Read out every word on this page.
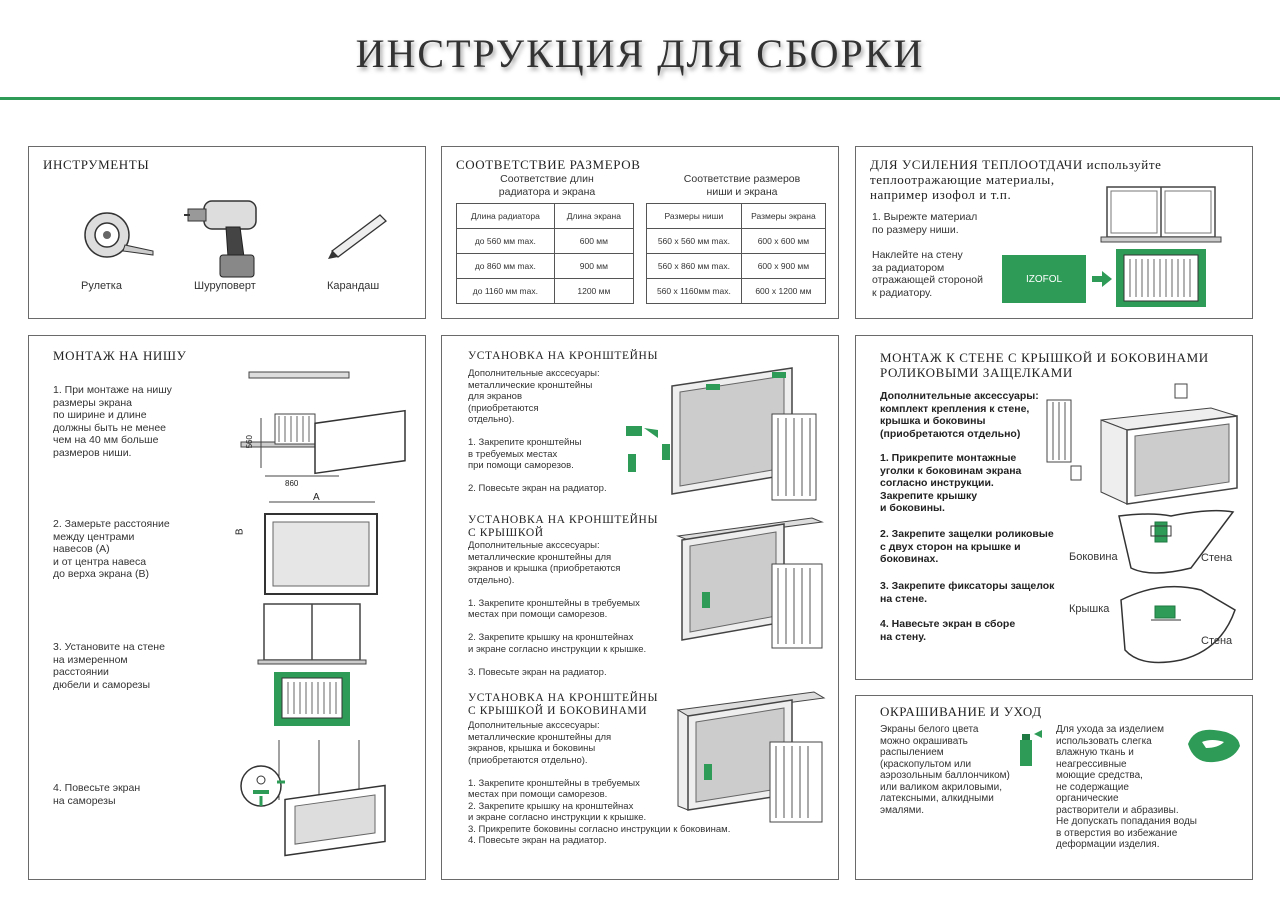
ИНСТРУКЦИЯ ДЛЯ СБОРКИ
ИНСТРУМЕНТЫ
Рулетка	Шуруповерт	Карандаш
СООТВЕТСТВИЕ РАЗМЕРОВ
Соответствие длин
радиатора и экрана
Соответствие размеров
ниши и экрана
Длина радиатора	Длина экрана
до 560 мм max.	600 мм
до 860 мм max.	900 мм
до 1160 мм max.	1200 мм
Размеры ниши	Размеры экрана
560 х 560 мм max.	600 х 600 мм
560 х 860 мм max.	600 х 900 мм
560 х 1160мм max.	600 х 1200 мм
ДЛЯ УСИЛЕНИЯ ТЕПЛООТДАЧИ используйте
теплоотражающие материалы,
например изофол и т.п.
1. Вырежте материал
по размеру ниши.
Наклейте на стену
за радиатором
отражающей стороной
к радиатору.
IZOFOL
МОНТАЖ НА НИШУ
1. При монтаже на нишу
размеры экрана
по ширине и длине
должны быть не менее
чем на 40 мм больше
размеров ниши.
560
860
2. Замерьте расстояние
между центрами
навесов (А)
и от центра навеса
до верха экрана (В)
A
B
3. Установите на стене
на измеренном
расстоянии
дюбели и саморезы
4. Повесьте экран
на саморезы
УСТАНОВКА НА КРОНШТЕЙНЫ
Дополнительные акссесуары:
металлические кронштейны
для экранов
(приобретаются
отдельно).

1. Закрепите кронштейны
в требуемых местах
при помощи саморезов.

2. Повесьте экран на радиатор.
УСТАНОВКА НА КРОНШТЕЙНЫ
С КРЫШКОЙ
Дополнительные акссесуары:
металлические кронштейны для
экранов и крышка (приобретаются
отдельно).

1. Закрепите кронштейны в требуемых
местах при помощи саморезов.

2. Закрепите крышку на кронштейнах
и экране согласно инструкции к крышке.

3. Повесьте экран на радиатор.
УСТАНОВКА НА КРОНШТЕЙНЫ
С КРЫШКОЙ И БОКОВИНАМИ
Дополнительные акссесуары:
металлические кронштейны для
экранов, крышка и боковины
(приобретаются отдельно).

1. Закрепите кронштейны в требуемых
местах при помощи саморезов.
2. Закрепите крышку на кронштейнах
и экране согласно инструкции к крышке.
3. Прикрепите боковины согласно инструкции к боковинам.
4. Повесьте экран на радиатор.
МОНТАЖ К СТЕНЕ С КРЫШКОЙ И БОКОВИНАМИ
РОЛИКОВЫМИ ЗАЩЕЛКАМИ
Дополнительные аксессуары:
комплект крепления к стене,
крышка и боковины
(приобретаются отдельно)
1. Прикрепите монтажные
уголки к боковинам экрана
согласно инструкции.
Закрепите крышку
и боковины.
2. Закрепите защелки роликовые
с двух сторон на крышке и
боковинах.
3. Закрепите фиксаторы защелок
на стене.
4. Навесьте экран в сборе
на стену.
Боковина	Стена
Крышка
Стена
ОКРАШИВАНИЕ И УХОД
Экраны белого цвета
можно окрашивать
распылением
(краскопультом или
аэрозольным баллончиком)
или валиком акриловыми,
латексными, алкидными
эмалями.
Для ухода за изделием
использовать слегка
влажную ткань и
неагрессивные
моющие средства,
не содержащие
органические
растворители и абразивы.
Не допускать попадания воды
в отверстия во избежание
деформации изделия.
